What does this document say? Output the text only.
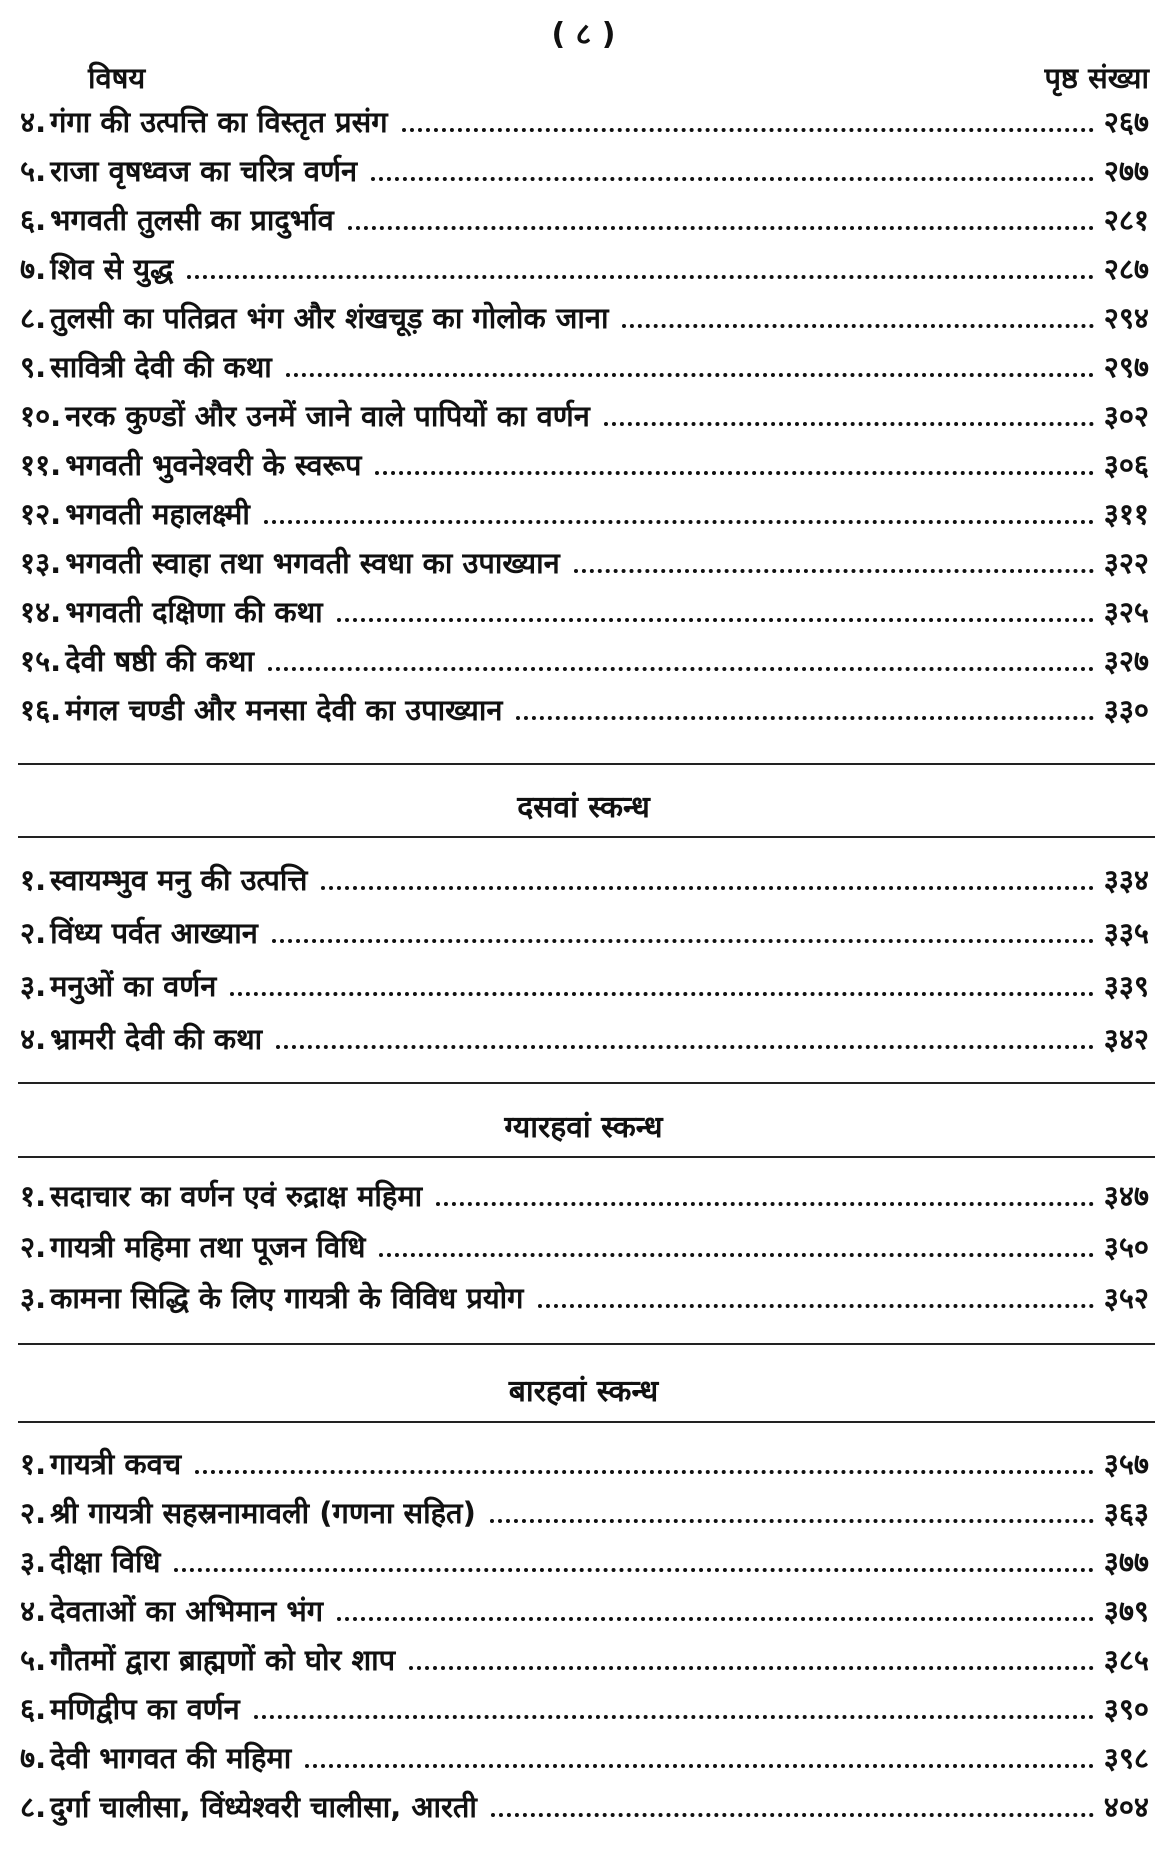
( ८ )
विषय	पृष्ठ संख्या
४. गंगा की उत्पत्ति का विस्तृत प्रसंग	२६७
५. राजा वृषध्वज का चरित्र वर्णन	२७७
६. भगवती तुलसी का प्रादुर्भाव	२८१
७. शिव से युद्ध	२८७
८. तुलसी का पतिव्रत भंग और शंखचूड़ का गोलोक जाना	२९४
९. सावित्री देवी की कथा	२९७
१०. नरक कुण्डों और उनमें जाने वाले पापियों का वर्णन	३०२
११. भगवती भुवनेश्वरी के स्वरूप	३०६
१२. भगवती महालक्ष्मी	३११
१३. भगवती स्वाहा तथा भगवती स्वधा का उपाख्यान	३२२
१४. भगवती दक्षिणा की कथा	३२५
१५. देवी षष्ठी की कथा	३२७
१६. मंगल चण्डी और मनसा देवी का उपाख्यान	३३०
दसवां स्कन्ध
१. स्वायम्भुव मनु की उत्पत्ति	३३४
२. विंध्य पर्वत आख्यान	३३५
३. मनुओं का वर्णन	३३९
४. भ्रामरी देवी की कथा	३४२
ग्यारहवां स्कन्ध
१. सदाचार का वर्णन एवं रुद्राक्ष महिमा	३४७
२. गायत्री महिमा तथा पूजन विधि	३५०
३. कामना सिद्धि के लिए गायत्री के विविध प्रयोग	३५२
बारहवां स्कन्ध
१. गायत्री कवच	३५७
२. श्री गायत्री सहस्रनामावली (गणना सहित)	३६३
३. दीक्षा विधि	३७७
४. देवताओं का अभिमान भंग	३७९
५. गौतमों द्वारा ब्राह्मणों को घोर शाप	३८५
६. मणिद्वीप का वर्णन	३९०
७. देवी भागवत की महिमा	३९८
८. दुर्गा चालीसा, विंध्येश्वरी चालीसा, आरती	४०४
